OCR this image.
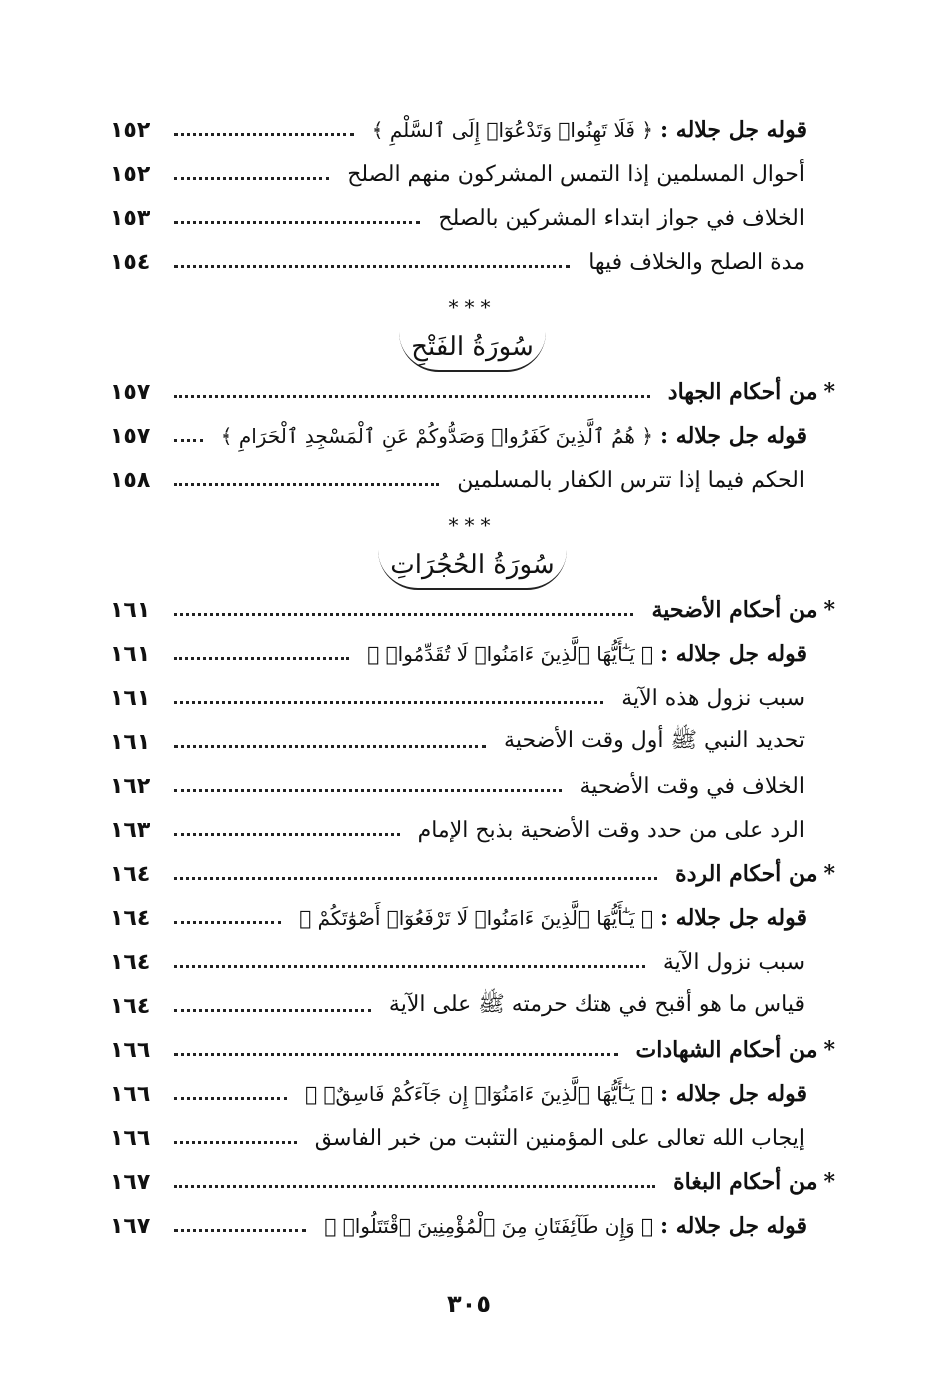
قوله جل جلاله : ﴿ فَلَا تَهِنُوا۟ وَتَدْعُوٓا۟ إِلَى ٱلسَّلْمِ ﴾
١٥٢
أحوال المسلمين إذا التمس المشركون منهم الصلح
١٥٢
الخلاف في جواز ابتداء المشركين بالصلح
١٥٣
مدة الصلح والخلاف فيها
١٥٤
***
سُورَةُ الفَتْحِ
*من أحكام الجهاد
١٥٧
قوله جل جلاله : ﴿ هُمُ ٱلَّذِينَ كَفَرُوا۟ وَصَدُّوكُمْ عَنِ ٱلْمَسْجِدِ ٱلْحَرَامِ ﴾
١٥٧
الحكم فيما إذا تترس الكفار بالمسلمين
١٥٨
***
سُورَةُ الحُجُرَاتِ
*من أحكام الأضحية
١٦١
قوله جل جلاله : ﴿ يَـٰٓأَيُّهَا ٱلَّذِينَ ءَامَنُوا۟ لَا تُقَدِّمُوا۟ ﴾
١٦١
سبب نزول هذه الآية
١٦١
تحديد النبي ﷺ أول وقت الأضحية
١٦١
الخلاف في وقت الأضحية
١٦٢
الرد على من حدد وقت الأضحية بذبح الإمام
١٦٣
*من أحكام الردة
١٦٤
قوله جل جلاله : ﴿ يَـٰٓأَيُّهَا ٱلَّذِينَ ءَامَنُوا۟ لَا تَرْفَعُوٓا۟ أَصْوَٰتَكُمْ ﴾
١٦٤
سبب نزول الآية
١٦٤
قياس ما هو أقبح في هتك حرمته ﷺ على الآية
١٦٤
*من أحكام الشهادات
١٦٦
قوله جل جلاله : ﴿ يَـٰٓأَيُّهَا ٱلَّذِينَ ءَامَنُوٓا۟ إِن جَآءَكُمْ فَاسِقٌۢ ﴾
١٦٦
إيجاب الله تعالى على المؤمنين التثبت من خبر الفاسق
١٦٦
*من أحكام البغاة
١٦٧
قوله جل جلاله : ﴿ وَإِن طَآئِفَتَانِ مِنَ ٱلْمُؤْمِنِينَ ٱقْتَتَلُوا۟ ﴾
١٦٧
٣٠٥
